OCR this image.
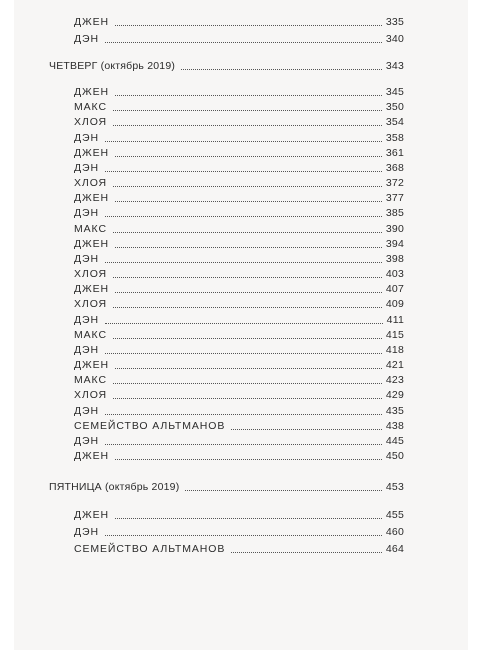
ДЖЕН	335
ДЭН	340
ЧЕТВЕРГ (октябрь 2019)	343
ДЖЕН	345
МАКС	350
ХЛОЯ	354
ДЭН	358
ДЖЕН	361
ДЭН	368
ХЛОЯ	372
ДЖЕН	377
ДЭН	385
МАКС	390
ДЖЕН	394
ДЭН	398
ХЛОЯ	403
ДЖЕН	407
ХЛОЯ	409
ДЭН	411
МАКС	415
ДЭН	418
ДЖЕН	421
МАКС	423
ХЛОЯ	429
ДЭН	435
СЕМЕЙСТВО АЛЬТМАНОВ	438
ДЭН	445
ДЖЕН	450
ПЯТНИЦА (октябрь 2019)	453
ДЖЕН	455
ДЭН	460
СЕМЕЙСТВО АЛЬТМАНОВ	464
